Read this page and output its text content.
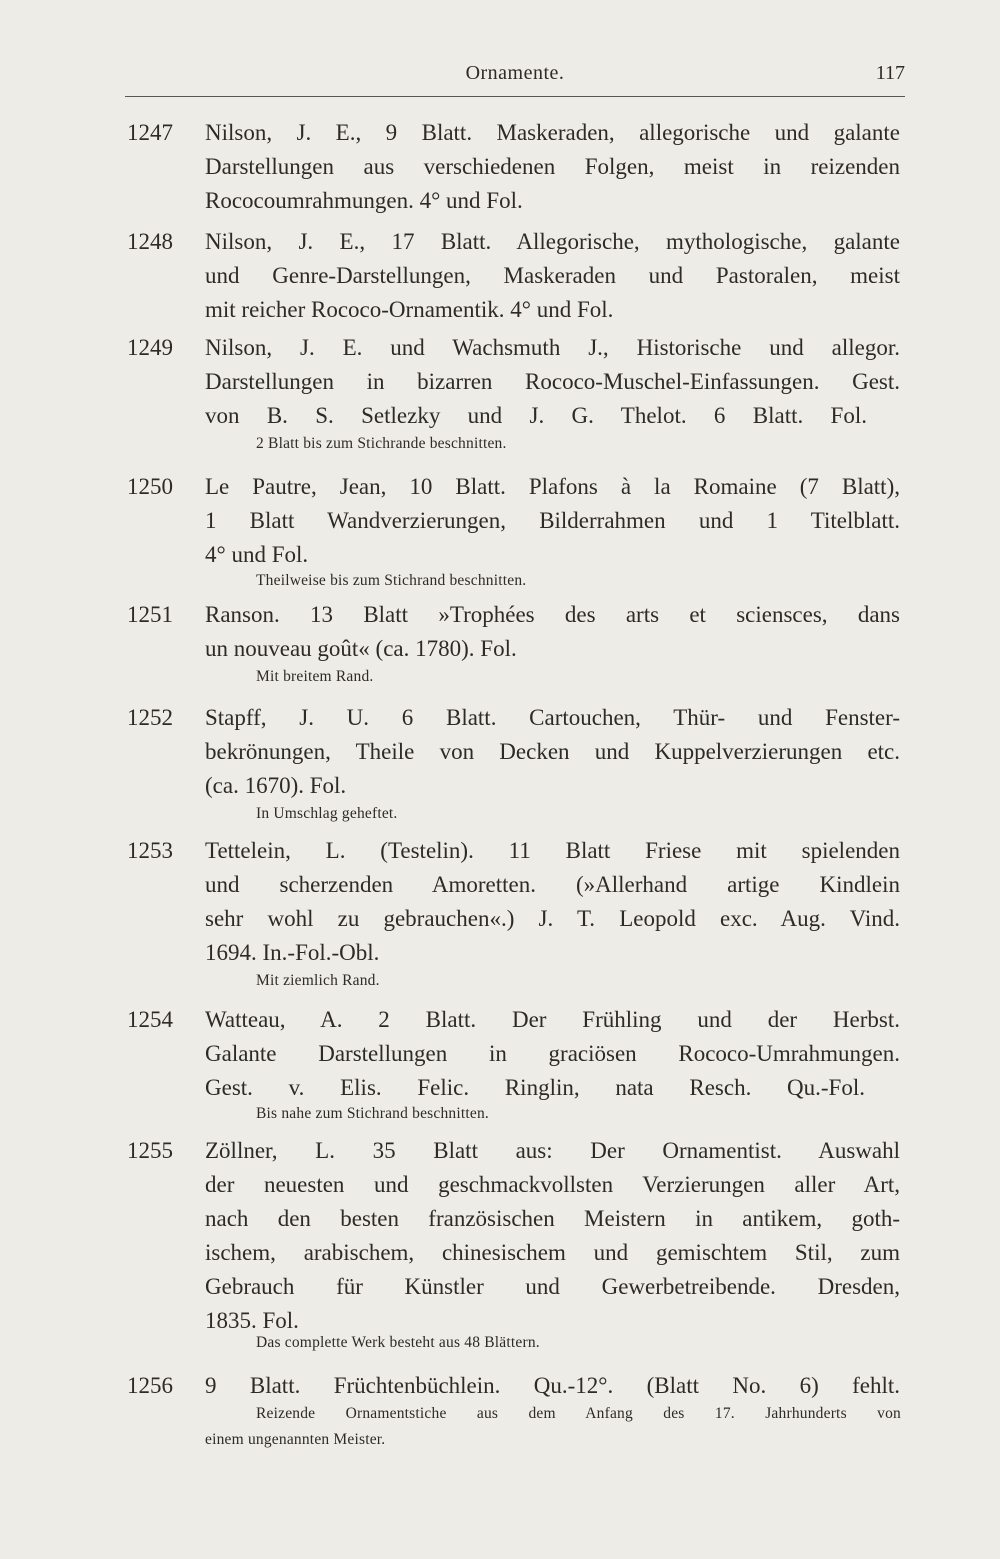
Ornamente.	117
1247 Nilson, J. E., 9 Blatt. Maskeraden, allegorische und galante
Darstellungen aus verschiedenen Folgen, meist in reizenden
Rococoumrahmungen. 4° und Fol.
1248 Nilson, J. E., 17 Blatt. Allegorische, mythologische, galante
und Genre-Darstellungen, Maskeraden und Pastoralen, meist
mit reicher Rococo-Ornamentik. 4° und Fol.
1249 Nilson, J. E. und Wachsmuth J., Historische und allegor.
Darstellungen in bizarren Rococo-Muschel-Einfassungen. Gest.
von B. S. Setlezky und J. G. Thelot. 6 Blatt. Fol.
2 Blatt bis zum Stichrande beschnitten.
1250 Le Pautre, Jean, 10 Blatt. Plafons à la Romaine (7 Blatt),
1 Blatt Wandverzierungen, Bilderrahmen und 1 Titelblatt.
4° und Fol.
Theilweise bis zum Stichrand beschnitten.
1251 Ranson. 13 Blatt »Trophées des arts et sciensces, dans
un nouveau goût« (ca. 1780). Fol.
Mit breitem Rand.
1252 Stapff, J. U. 6 Blatt. Cartouchen, Thür- und Fenster-
bekrönungen, Theile von Decken und Kuppelverzierungen etc.
(ca. 1670). Fol.
In Umschlag geheftet.
1253 Tettelein, L. (Testelin). 11 Blatt Friese mit spielenden
und scherzenden Amoretten. (»Allerhand artige Kindlein
sehr wohl zu gebrauchen«.) J. T. Leopold exc. Aug. Vind.
1694. In.-Fol.-Obl.
Mit ziemlich Rand.
1254 Watteau, A. 2 Blatt. Der Frühling und der Herbst.
Galante Darstellungen in graciösen Rococo-Umrahmungen.
Gest. v. Elis. Felic. Ringlin, nata Resch. Qu.-Fol.
Bis nahe zum Stichrand beschnitten.
1255 Zöllner, L. 35 Blatt aus: Der Ornamentist. Auswahl
der neuesten und geschmackvollsten Verzierungen aller Art,
nach den besten französischen Meistern in antikem, goth-
ischem, arabischem, chinesischem und gemischtem Stil, zum
Gebrauch für Künstler und Gewerbetreibende. Dresden,
1835. Fol.
Das complette Werk besteht aus 48 Blättern.
1256 9 Blatt. Früchtenbüchlein. Qu.-12°. (Blatt No. 6) fehlt.
Reizende Ornamentstiche aus dem Anfang des 17. Jahrhunderts von
einem ungenannten Meister.
